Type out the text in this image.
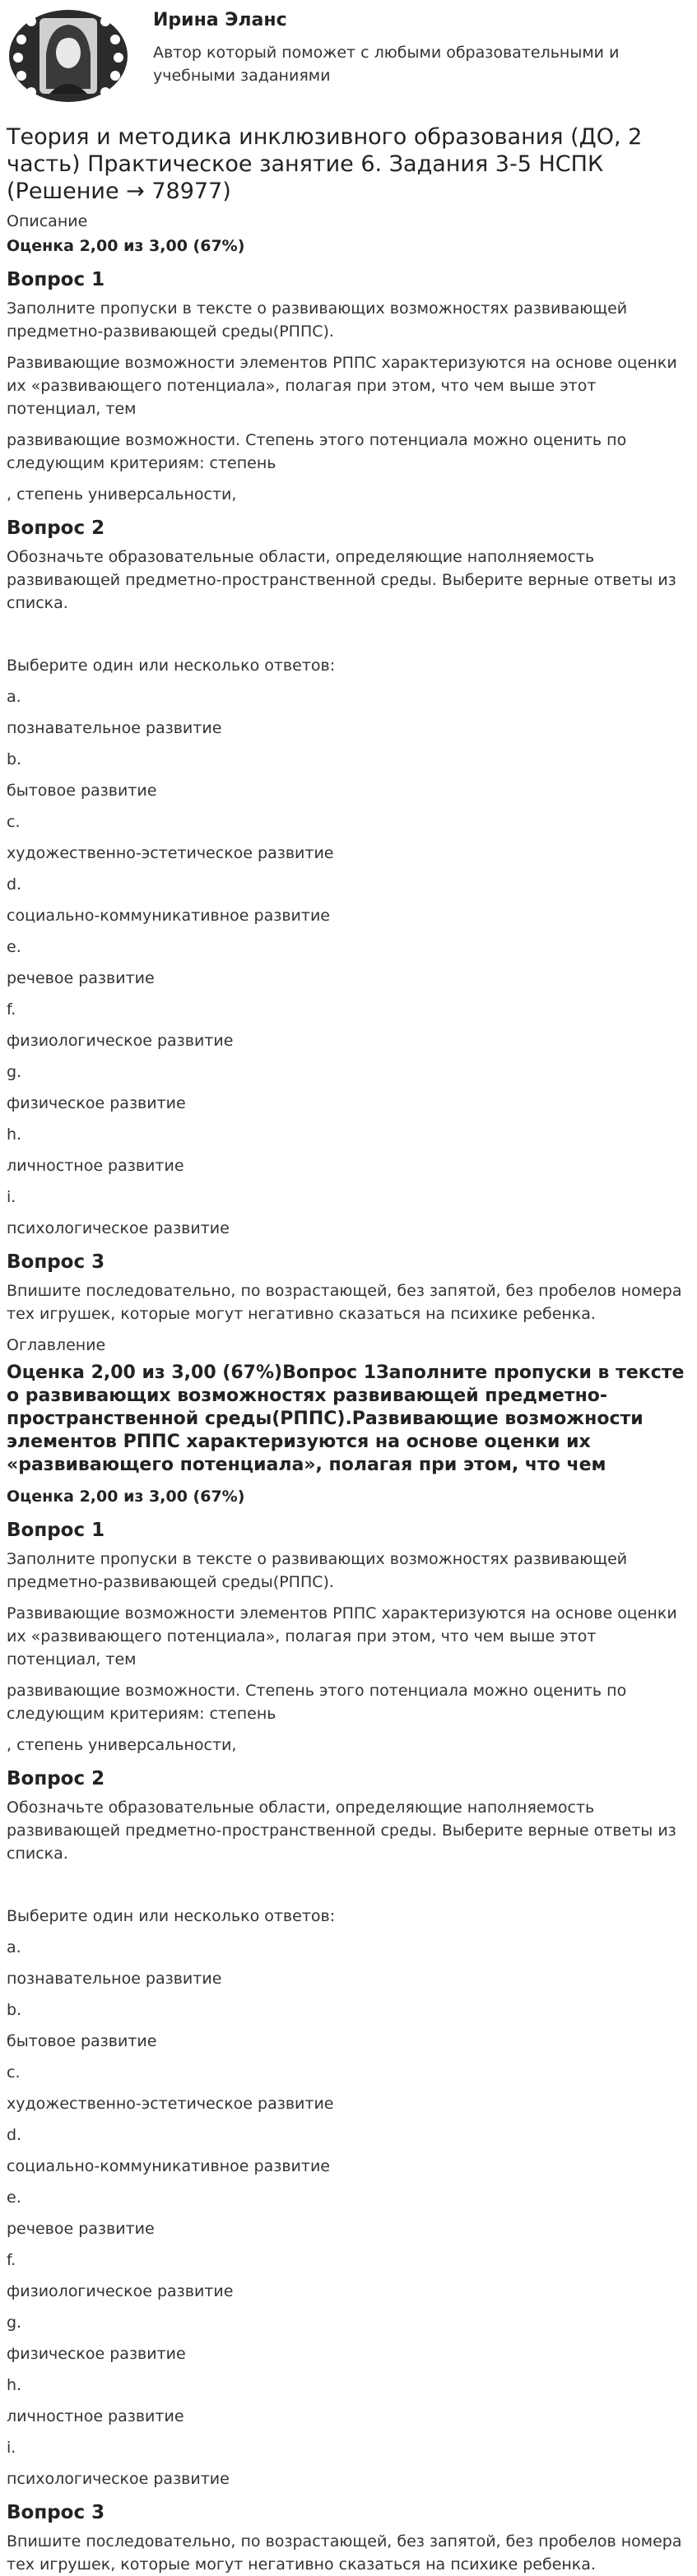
Ирина Эланс
Автор который поможет с любыми образовательными и учебными заданиями
Теория и методика инклюзивного образования (ДО, 2 часть) Практическое занятие 6. Задания 3-5 НСПК (Решение → 78977)
Описание
Оценка 2,00 из 3,00 (67%)
Вопрос 1

Заполните пропуски в тексте о развивающих возможностях развивающей предметно-развивающей среды(РППС).

Развивающие возможности элементов РППС характеризуются на основе оценки их «развивающего потенциала», полагая при этом, что чем выше этот потенциал, тем

развивающие возможности. Степень этого потенциала можно оценить по следующим критериям: степень

, степень универсальности,

Вопрос 2

Обозначьте образовательные области, определяющие наполняемость развивающей предметно-пространственной среды. Выберите верные ответы из списка.

Выберите один или несколько ответов:

a.
познавательное развитие
b.
бытовое развитие
c.
художественно-эстетическое развитие
d.
социально-коммуникативное развитие
e.
речевое развитие
f.
физиологическое развитие
g.
физическое развитие
h.
личностное развитие
i.
психологическое развитие
Вопрос 3

Впишите последовательно, по возрастающей, без запятой, без пробелов номера тех игрушек, которые могут негативно сказаться на психике ребенка.

Оглавление
Оценка 2,00 из 3,00 (67%)Вопрос 1Заполните пропуски в тексте о развивающих возможностях развивающей предметно-пространственной среды(РППС).Развивающие возможности элементов РППС характеризуются на основе оценки их «развивающего потенциала», полагая при этом, что чем
Оценка 2,00 из 3,00 (67%)
Вопрос 1

Заполните пропуски в тексте о развивающих возможностях развивающей предметно-развивающей среды(РППС).

Развивающие возможности элементов РППС характеризуются на основе оценки их «развивающего потенциала», полагая при этом, что чем выше этот потенциал, тем

развивающие возможности. Степень этого потенциала можно оценить по следующим критериям: степень

, степень универсальности,

Вопрос 2

Обозначьте образовательные области, определяющие наполняемость развивающей предметно-пространственной среды. Выберите верные ответы из списка.

Выберите один или несколько ответов:

a.
познавательное развитие
b.
бытовое развитие
c.
художественно-эстетическое развитие
d.
социально-коммуникативное развитие
e.
речевое развитие
f.
физиологическое развитие
g.
физическое развитие
h.
личностное развитие
i.
психологическое развитие
Вопрос 3

Впишите последовательно, по возрастающей, без запятой, без пробелов номера тех игрушек, которые могут негативно сказаться на психике ребенка.
